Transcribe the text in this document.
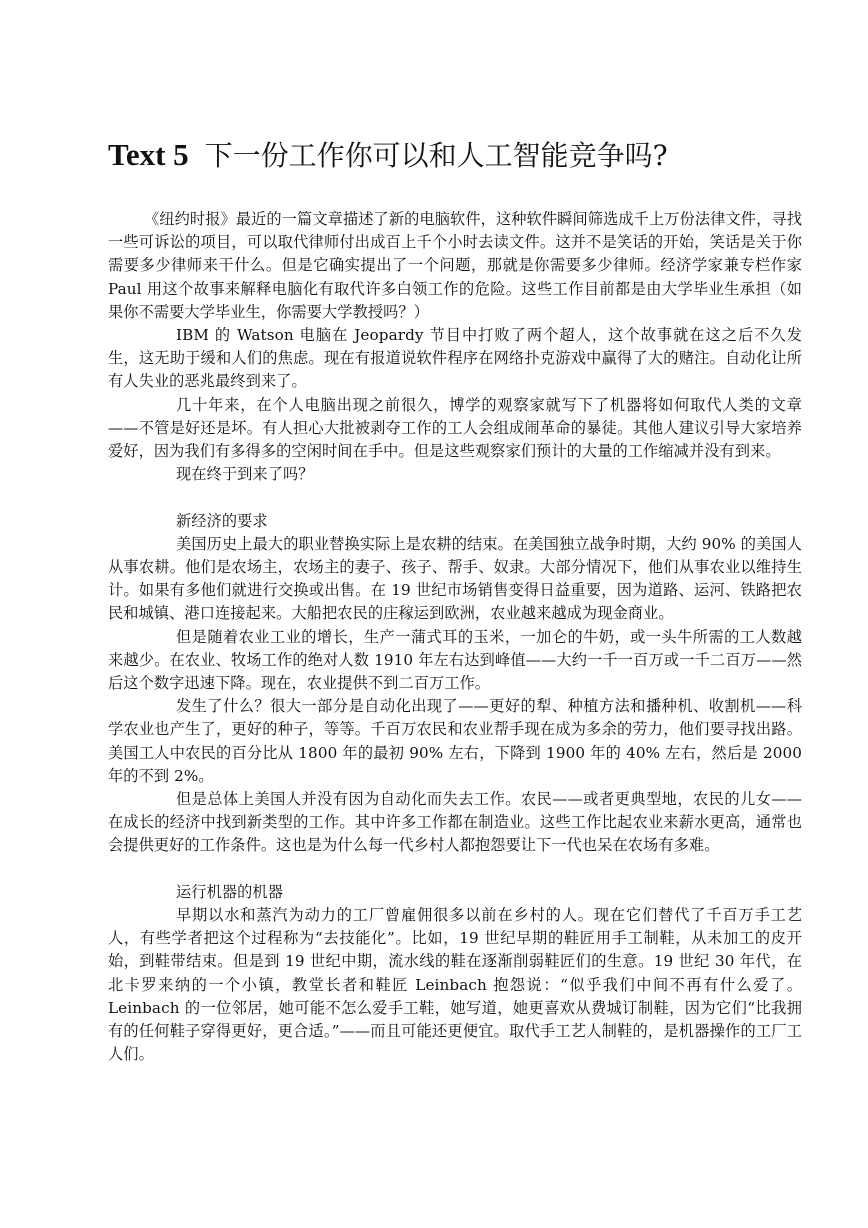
Text 5 下一份工作你可以和人工智能竞争吗?

《纽约时报》最近的一篇文章描述了新的电脑软件，这种软件瞬间筛选成千上万份法律文件，寻找一些可诉讼的项目，可以取代律师付出成百上千个小时去读文件。这并不是笑话的开始，笑话是关于你需要多少律师来干什么。但是它确实提出了一个问题，那就是你需要多少律师。经济学家兼专栏作家Paul 用这个故事来解释电脑化有取代许多白领工作的危险。这些工作目前都是由大学毕业生承担（如果你不需要大学毕业生，你需要大学教授吗？）

IBM 的 Watson 电脑在 Jeopardy 节目中打败了两个超人，这个故事就在这之后不久发生，这无助于缓和人们的焦虑。现在有报道说软件程序在网络扑克游戏中赢得了大的赌注。自动化让所有人失业的恶兆最终到来了。

几十年来，在个人电脑出现之前很久，博学的观察家就写下了机器将如何取代人类的文章——不管是好还是坏。有人担心大批被剥夺工作的工人会组成闹革命的暴徒。其他人建议引导大家培养爱好，因为我们有多得多的空闲时间在手中。但是这些观察家们预计的大量的工作缩减并没有到来。

现在终于到来了吗？

新经济的要求

美国历史上最大的职业替换实际上是农耕的结束。在美国独立战争时期，大约 90% 的美国人从事农耕。他们是农场主，农场主的妻子、孩子、帮手、奴隶。大部分情况下，他们从事农业以维持生计。如果有多他们就进行交换或出售。在 19 世纪市场销售变得日益重要，因为道路、运河、铁路把农民和城镇、港口连接起来。大船把农民的庄稼运到欧洲，农业越来越成为现金商业。

但是随着农业工业的增长，生产一蒲式耳的玉米，一加仑的牛奶，或一头牛所需的工人数越来越少。在农业、牧场工作的绝对人数 1910 年左右达到峰值——大约一千一百万或一千二百万——然后这个数字迅速下降。现在，农业提供不到二百万工作。

发生了什么？很大一部分是自动化出现了——更好的犁、种植方法和播种机、收割机——科学农业也产生了，更好的种子，等等。千百万农民和农业帮手现在成为多余的劳力，他们要寻找出路。美国工人中农民的百分比从 1800 年的最初 90% 左右，下降到 1900 年的 40% 左右，然后是 2000 年的不到 2%。

但是总体上美国人并没有因为自动化而失去工作。农民——或者更典型地，农民的儿女——在成长的经济中找到新类型的工作。其中许多工作都在制造业。这些工作比起农业来薪水更高，通常也会提供更好的工作条件。这也是为什么每一代乡村人都抱怨要让下一代也呆在农场有多难。

运行机器的机器

早期以水和蒸汽为动力的工厂曾雇佣很多以前在乡村的人。现在它们替代了千百万手工艺人，有些学者把这个过程称为“去技能化”。比如，19 世纪早期的鞋匠用手工制鞋，从未加工的皮开始，到鞋带结束。但是到 19 世纪中期，流水线的鞋在逐渐削弱鞋匠们的生意。19 世纪 30 年代，在北卡罗来纳的一个小镇，教堂长者和鞋匠 Leinbach 抱怨说：“似乎我们中间不再有什么爱了。Leinbach 的一位邻居，她可能不怎么爱手工鞋，她写道，她更喜欢从费城订制鞋，因为它们“比我拥有的任何鞋子穿得更好，更合适。”——而且可能还更便宜。取代手工艺人制鞋的，是机器操作的工厂工人们。
